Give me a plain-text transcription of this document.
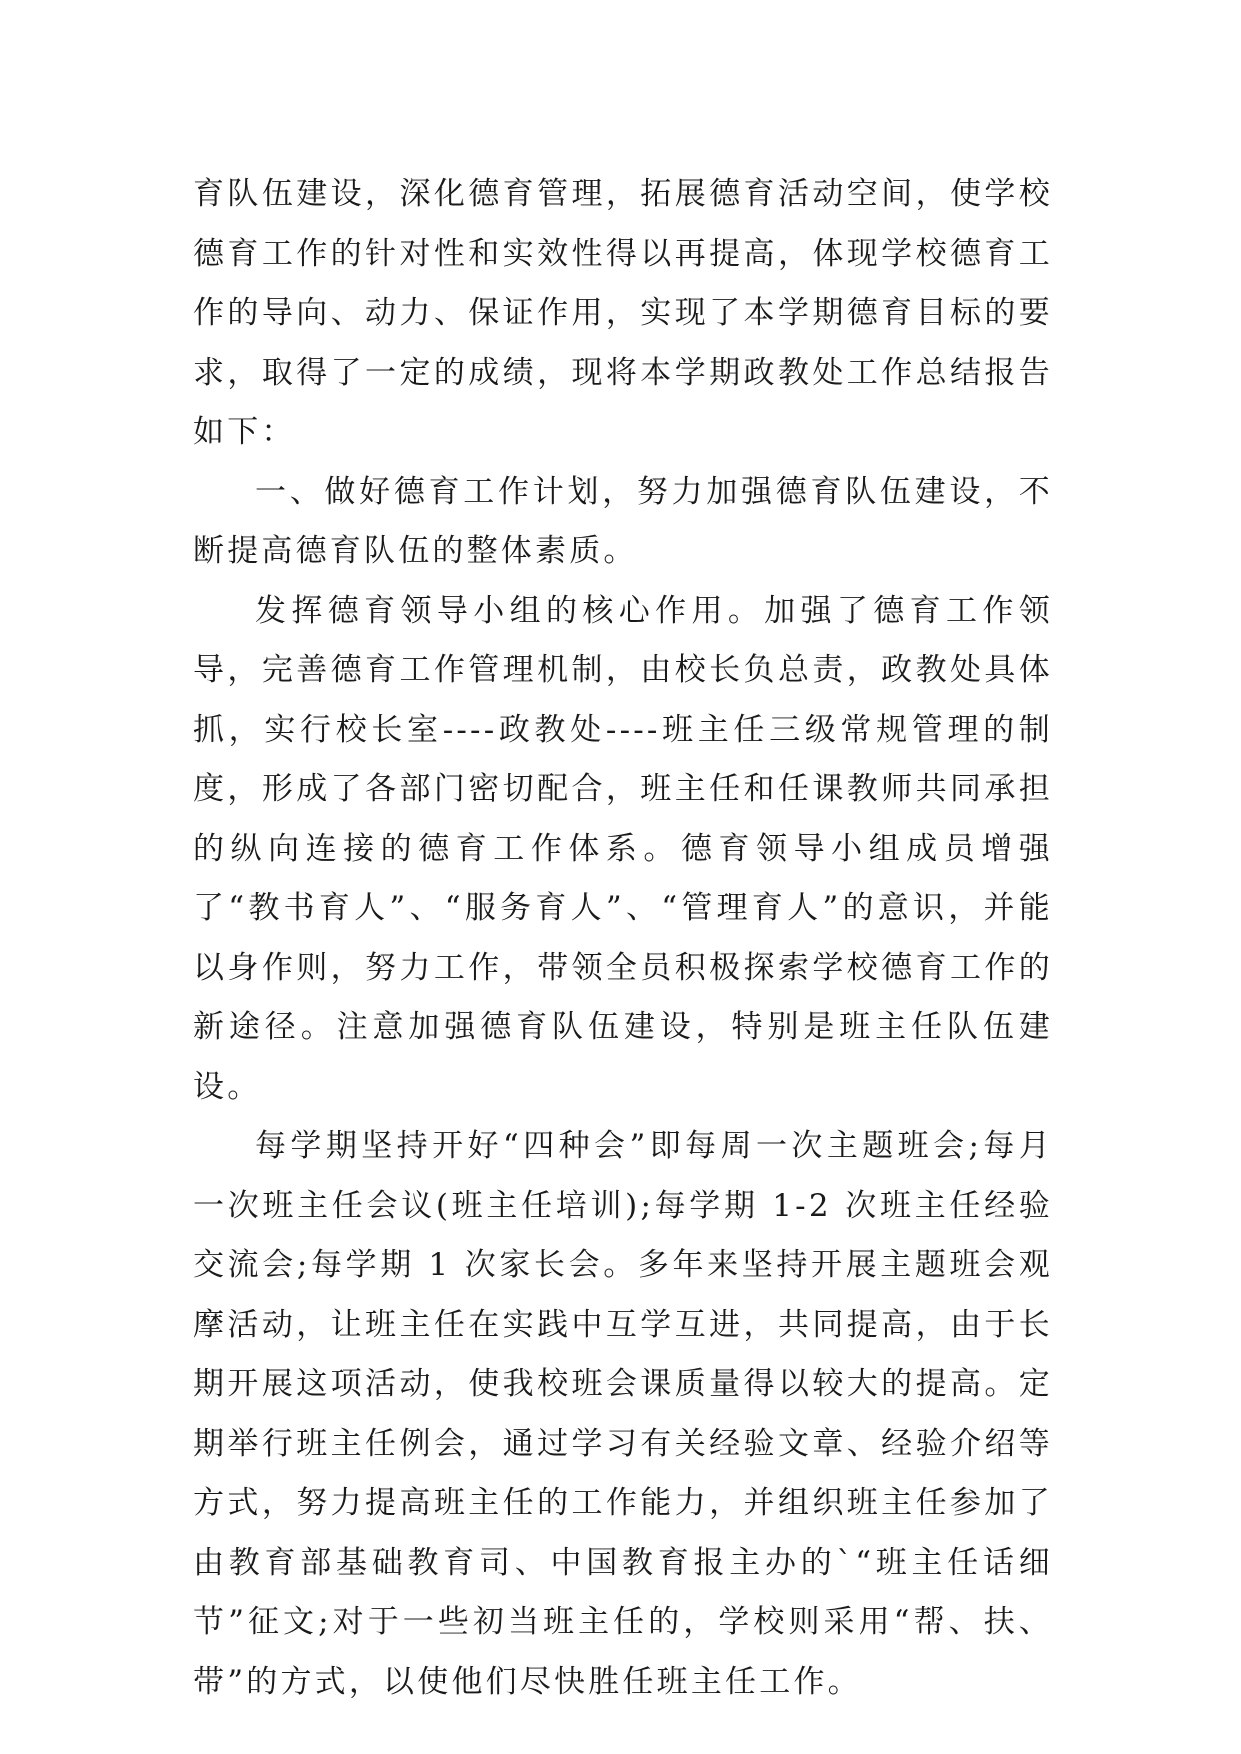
育队伍建设，深化德育管理，拓展德育活动空间，使学校德育工作的针对性和实效性得以再提高，体现学校德育工作的导向、动力、保证作用，实现了本学期德育目标的要求，取得了一定的成绩，现将本学期政教处工作总结报告如下：

一、做好德育工作计划，努力加强德育队伍建设，不断提高德育队伍的整体素质。

发挥德育领导小组的核心作用。加强了德育工作领导，完善德育工作管理机制，由校长负总责，政教处具体抓，实行校长室----政教处----班主任三级常规管理的制度，形成了各部门密切配合，班主任和任课教师共同承担的纵向连接的德育工作体系。德育领导小组成员增强了“教书育人”、“服务育人”、“管理育人”的意识，并能以身作则，努力工作，带领全员积极探索学校德育工作的新途径。注意加强德育队伍建设，特别是班主任队伍建设。

每学期坚持开好“四种会”即每周一次主题班会;每月一次班主任会议(班主任培训);每学期 1-2 次班主任经验交流会;每学期 1 次家长会。多年来坚持开展主题班会观摩活动，让班主任在实践中互学互进，共同提高，由于长期开展这项活动，使我校班会课质量得以较大的提高。定期举行班主任例会，通过学习有关经验文章、经验介绍等方式，努力提高班主任的工作能力，并组织班主任参加了由教育部基础教育司、中国教育报主办的`“班主任话细节”征文;对于一些初当班主任的，学校则采用“帮、扶、带”的方式，以使他们尽快胜任班主任工作。
